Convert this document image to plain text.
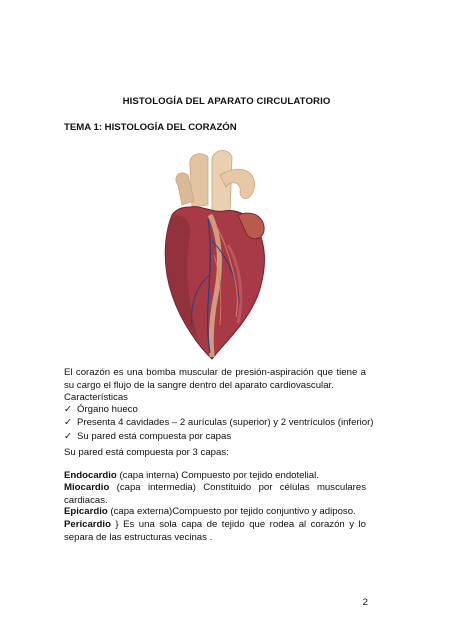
HISTOLOGÍA DEL APARATO CIRCULATORIO
TEMA 1: HISTOLOGÍA DEL CORAZÓN
El corazón es una bomba muscular de presión-aspiración que tiene a su cargo el flujo de la sangre dentro del aparato cardiovascular.
Características
✓ Órgano hueco
✓ Presenta 4 cavidades – 2 aurículas (superior) y 2 ventrículos (inferior)
✓ Su pared está compuesta por capas
Su pared está compuesta por 3 capas:
Endocardio (capa interna) Compuesto por tejido endotelial.
Miocardio (capa intermedia) Constituido por células musculares cardiacas.
Epicardio (capa externa)Compuesto por tejido conjuntivo y adiposo.
Pericardio } Es una sola capa de tejido que rodea al corazón y lo separa de las estructuras vecinas .
2
